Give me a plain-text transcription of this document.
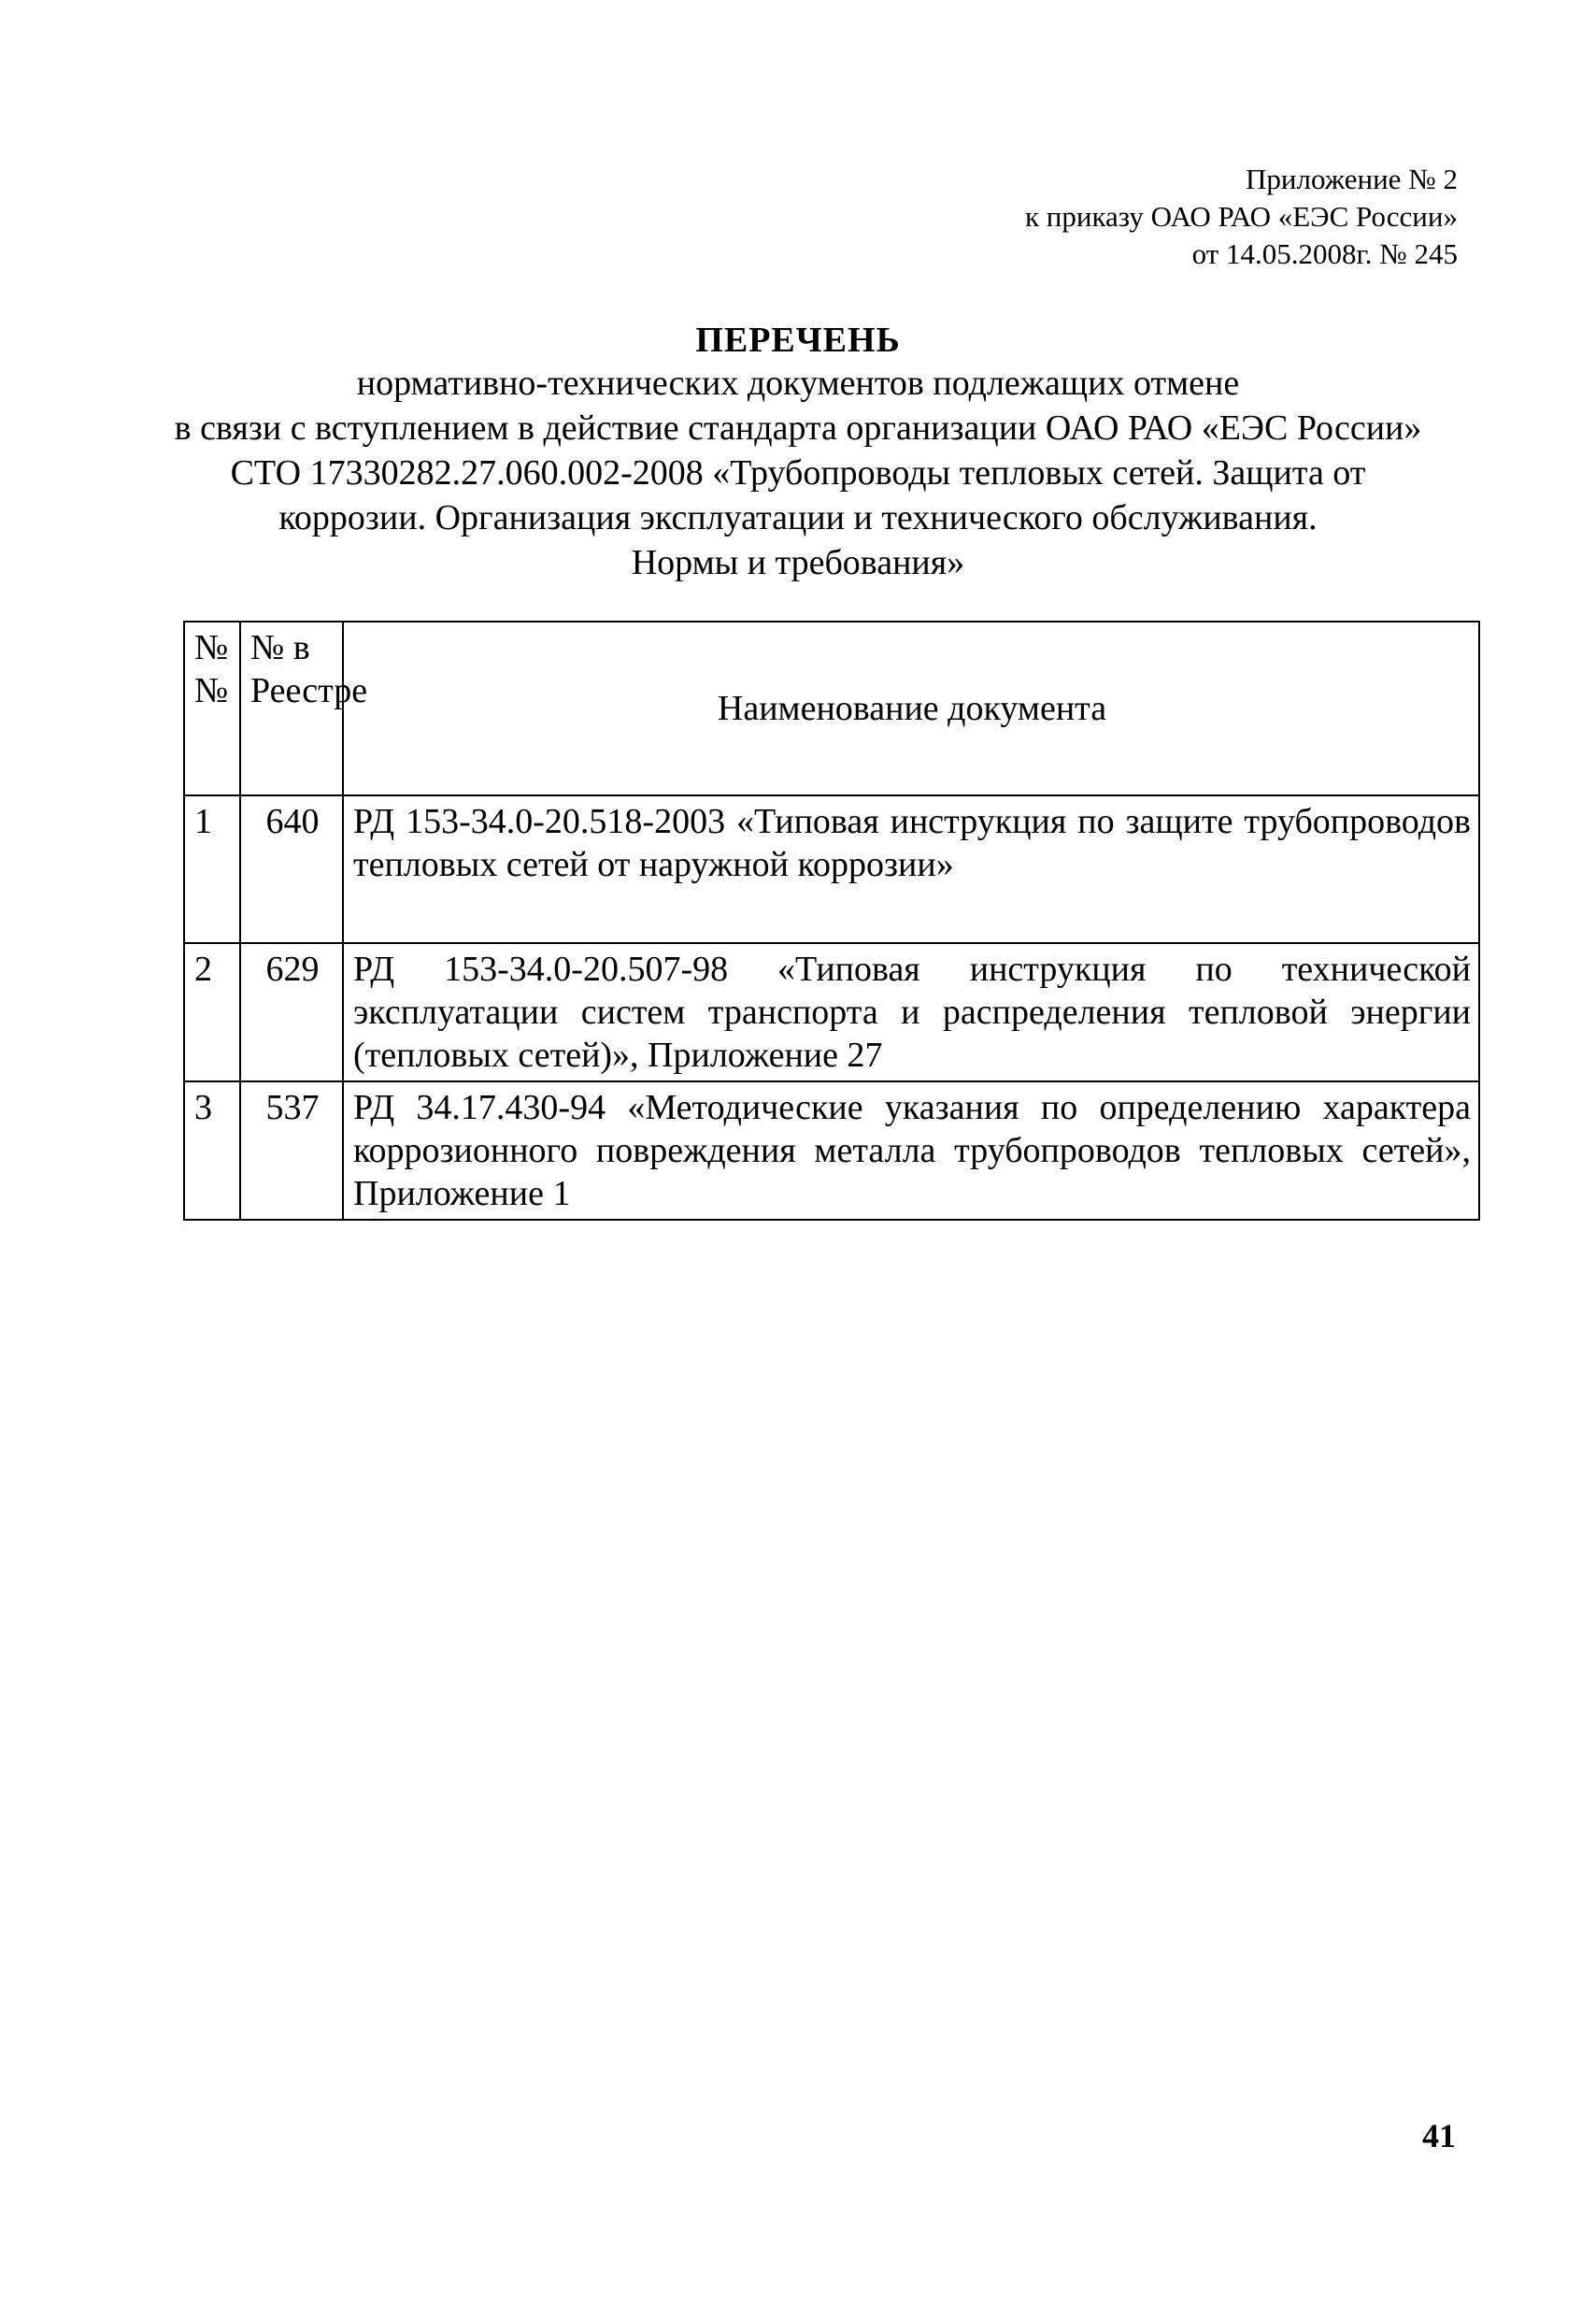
Приложение № 2
к приказу ОАО РАО «ЕЭС России»
от 14.05.2008г. № 245
ПЕРЕЧЕНЬ
нормативно-технических документов подлежащих отмене
в связи с вступлением в действие стандарта организации ОАО РАО «ЕЭС России»
СТО 17330282.27.060.002-2008 «Трубопроводы тепловых сетей. Защита от
коррозии. Организация эксплуатации и технического обслуживания.
Нормы и требования»
№ №	№ в Реестре	Наименование документа
1	640	РД 153-34.0-20.518-2003 «Типовая инструкция по защите трубопроводов тепловых сетей от наружной коррозии»
2	629	РД 153-34.0-20.507-98 «Типовая инструкция по технической эксплуатации систем транспорта и распределения тепловой энергии (тепловых сетей)», Приложение 27
3	537	РД 34.17.430-94 «Методические указания по определению характера коррозионного повреждения металла трубопроводов тепловых сетей», Приложение 1
41
